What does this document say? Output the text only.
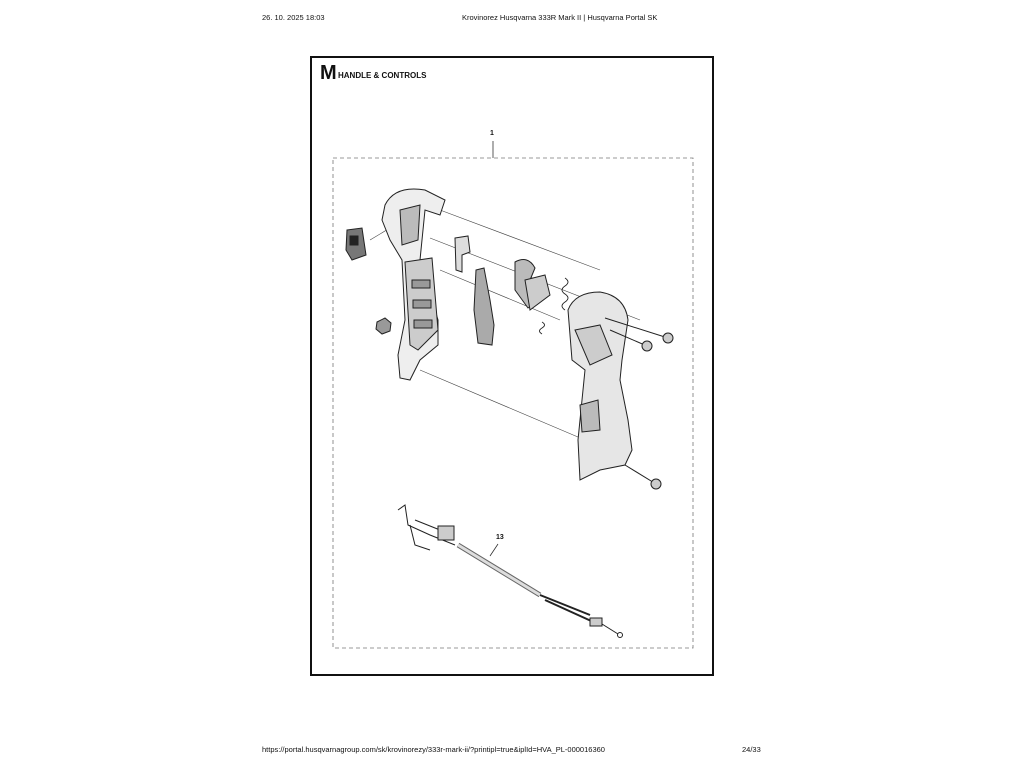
26. 10. 2025 18:03	Krovinorez Husqvarna 333R Mark II | Husqvarna Portal SK
M HANDLE & CONTROLS
1
13
https://portal.husqvarnagroup.com/sk/krovinorezy/333r-mark-ii/?printipl=true&iplId=HVA_PL-000016360	24/33
